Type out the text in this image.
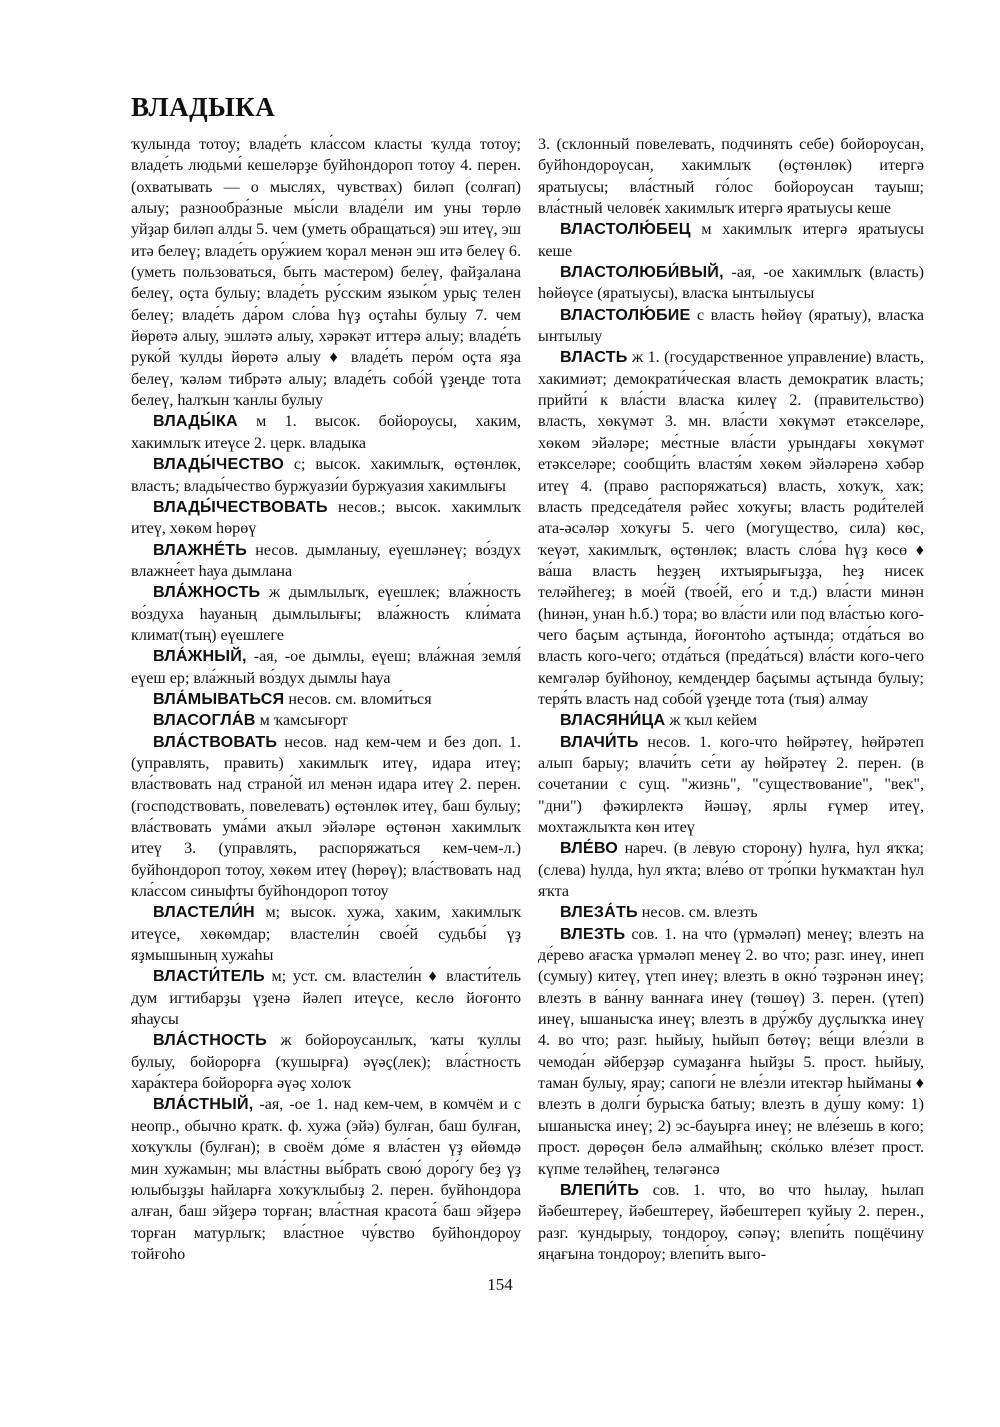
ВЛАДЫКА

ҡулында тотоу; владе́ть кла́ссом класты ҡулда тотоу; владе́ть людьми́ кешеләрҙе буйһондороп тотоу 4. перен. (охватывать — о мыслях, чувствах) биләп (солғап) алыу; разнообра́зные мы́сли владе́ли им уны төрлө уйҙар биләп алды 5. чем (уметь обращаться) эш итеү, эш итә белеү; владе́ть ору́жием ҡорал менән эш итә белеү 6. (уметь пользоваться, быть мастером) белеү, файҙалана белеү, оҫта булыу; владе́ть ру́сским языко́м урыҫ телен белеү; владе́ть да́ром сло́ва һүҙ оҫтаһы булыу 7. чем йөрөтә алыу, эшләтә алыу, хәрәкәт иттерә алыу; владе́ть руко́й ҡулды йөрөтә алыу ♦ владе́ть перо́м оҫта яҙа белеү, ҡәләм тибрәтә алыу; владе́ть собо́й үҙеңде тота белеү, һалҡын ҡанлы булыу

ВЛАДЫ́КА м 1. высок. бойороусы, хаким, хакимлыҡ итеүсе 2. церк. владыка

ВЛАДЫ́ЧЕСТВО с; высок. хакимлыҡ, өҫтөнлөк, власть; влады́чество буржуази́и буржуазия хакимлығы

ВЛАДЫ́ЧЕСТВОВАТЬ несов.; высок. хакимлыҡ итеү, хөкөм һөрөү

ВЛАЖНЕ́ТЬ несов. дымланыу, еүешләнеү; во́здух влажне́ет һауа дымлана

ВЛА́ЖНОСТЬ ж дымлылыҡ, еүешлек; вла́жность во́здуха һауаның дымлылығы; вла́жность кли́мата климат(тың) еүешлеге

ВЛА́ЖНЫЙ, -ая, -ое дымлы, еүеш; вла́жная земля́ еүеш ер; вла́жный во́здух дымлы һауа

ВЛА́МЫВАТЬСЯ несов. см. вломи́ться

ВЛАСОГЛА́В м ҡамсығорт

ВЛА́СТВОВАТЬ несов. над кем-чем и без доп. 1. (управлять, править) хакимлыҡ итеү, идара итеү; вла́ствовать над страно́й ил менән идара итеү 2. перен. (господствовать, повелевать) өҫтөнлөк итеү, баш булыу; вла́ствовать ума́ми аҡыл эйәләре өҫтөнән хакимлыҡ итеү 3. (управлять, распоряжаться кем-чем-л.) буйһондороп тотоу, хөкөм итеү (һөрөү); вла́ствовать над кла́ссом синыфты буйһондороп тотоу

ВЛАСТЕЛИ́Н м; высок. хужа, хаким, хакимлыҡ итеүсе, хөкөмдар; властели́н свое́й судьбы́ үҙ яҙмышының хужаһы

ВЛАСТИ́ТЕЛЬ м; уст. см. властели́н ♦ власти́тель дум игтибарҙы үҙенә йәлеп итеүсе, кеслө йоғонто яһаусы

ВЛА́СТНОСТЬ ж бойороусанлыҡ, ҡаты ҡуллы булыу, бойорорға (ҡушырға) әүәҫ(лек); вла́стность хара́ктера бойорорға әүәҫ холоҡ

ВЛА́СТНЫЙ, -ая, -ое 1. над кем-чем, в комчём и с неопр., обычно кратк. ф. хужа (эйә) булған, баш булған, хоҡуҡлы (булған); в своём до́ме я вла́стен үҙ өйөмдә мин хужамын; мы вла́стны вы́брать свою́ доро́гу беҙ үҙ юлыбыҙҙы һайларға хоҡуҡлыбыҙ 2. перен. буйһондора алған, баш эйҙерә торған; вла́стная красота́ баш эйҙерә торған матурлыҡ; вла́стное чу́вство буйһондороу тойғоһо

3. (склонный повелевать, подчинять себе) бойороусан, буйһондороусан, хакимлыҡ (өҫтөнлөк) итергә яратыусы; вла́стный го́лос бойороусан тауыш; вла́стный челове́к хакимлыҡ итергә яратыусы кеше

ВЛАСТОЛЮ́БЕЦ м хакимлыҡ итергә яратыусы кеше

ВЛАСТОЛЮБИ́ВЫЙ, -ая, -ое хакимлыҡ (власть) һөйөүсе (яратыусы), власҡа ынтылыусы

ВЛАСТОЛЮ́БИЕ с власть һөйөү (яратыу), власҡа ынтылыу

ВЛАСТЬ ж 1. (государственное управление) власть, хакимиәт; демократи́ческая власть демократик власть; прийти́ к вла́сти власҡа килеү 2. (правительство) власть, хөкүмәт 3. мн. вла́сти хөкүмәт етәкселәре, хөкөм эйәләре; ме́стные вла́сти урындағы хөкүмәт етәкселәре; сообщи́ть властя́м хөкөм эйәләренә хәбәр итеү 4. (право распоряжаться) власть, хоҡуҡ, хаҡ; власть председа́теля рәйес хоҡуғы; власть роди́телей ата-әсәләр хоҡуғы 5. чего (могущество, сила) көс, ҡеүәт, хакимлыҡ, өҫтөнлөк; власть сло́ва һүҙ көсө ♦ ва́ша власть һеҙҙең ихтыярығыҙҙа, һеҙ нисек теләйһегеҙ; в мое́й (твое́й, его́ и т.д.) вла́сти минән (һинән, унан һ.б.) тора; во вла́сти или под вла́стью кого-чего баҫым аҫтында, йоғонтоһо аҫтында; отда́ться во власть кого-чего; отда́ться (преда́ться) вла́сти кого-чего кемгәләр буйһоноу, кемдеңдер баҫымы аҫтында булыу; теря́ть власть над собо́й үҙеңде тота (тыя) алмау

ВЛАСЯНИ́ЦА ж ҡыл кейем

ВЛАЧИ́ТЬ несов. 1. кого-что һөйрәтеү, һөйрәтеп алып барыу; влачи́ть се́ти ау һөйрәтеү 2. перен. (в сочетании с сущ. "жизнь", "существование", "век", "дни") фәҡирлектә йәшәү, ярлы ғүмер итеү, мохтажлыҡта көн итеү

ВЛЕ́ВО нареч. (в левую сторону) һулға, һул яҡҡа; (слева) һулда, һул яҡта; вле́во от тро́пки һуҡмаҡтан һул яҡта

ВЛЕЗА́ТЬ несов. см. влезть

ВЛЕЗТЬ сов. 1. на что (үрмәләп) менеү; влезть на де́рево ағасҡа үрмәләп менеү 2. во что; разг. инеү, инеп (сумыу) китеү, үтеп инеү; влезть в окно́ тәҙрәнән инеү; влезть в ва́нну ваннаға инеү (төшөү) 3. перен. (үтеп) инеү, ышанысҡа инеү; влезть в дру́жбу дуҫлыҡҡа инеү 4. во что; разг. һыйыу, һыйып бөтөү; ве́щи вле́зли в чемода́н әйберҙәр сумаҙанға һыйҙы 5. прост. һыйыу, таман булыу, ярау; сапоги́ не вле́зли итектәр һыйманы ♦ влезть в долги́ бурысҡа батыу; влезть в ду́шу кому: 1) ышанысҡа инеү; 2) эс-бауырға инеү; не вле́зешь в кого; прост. дөрөҫөн белә алмайһың; ско́лько вле́зет прост. күпме теләйһең, теләгәнсә

ВЛЕПИ́ТЬ сов. 1. что, во что һылау, һылап йәбештереү, йәбештереү, йәбештереп ҡуйыу 2. перен., разг. ҡундырыу, тондороу, сәпәү; влепи́ть пощёчину яңағына тондороу; влепи́ть выго-

154
